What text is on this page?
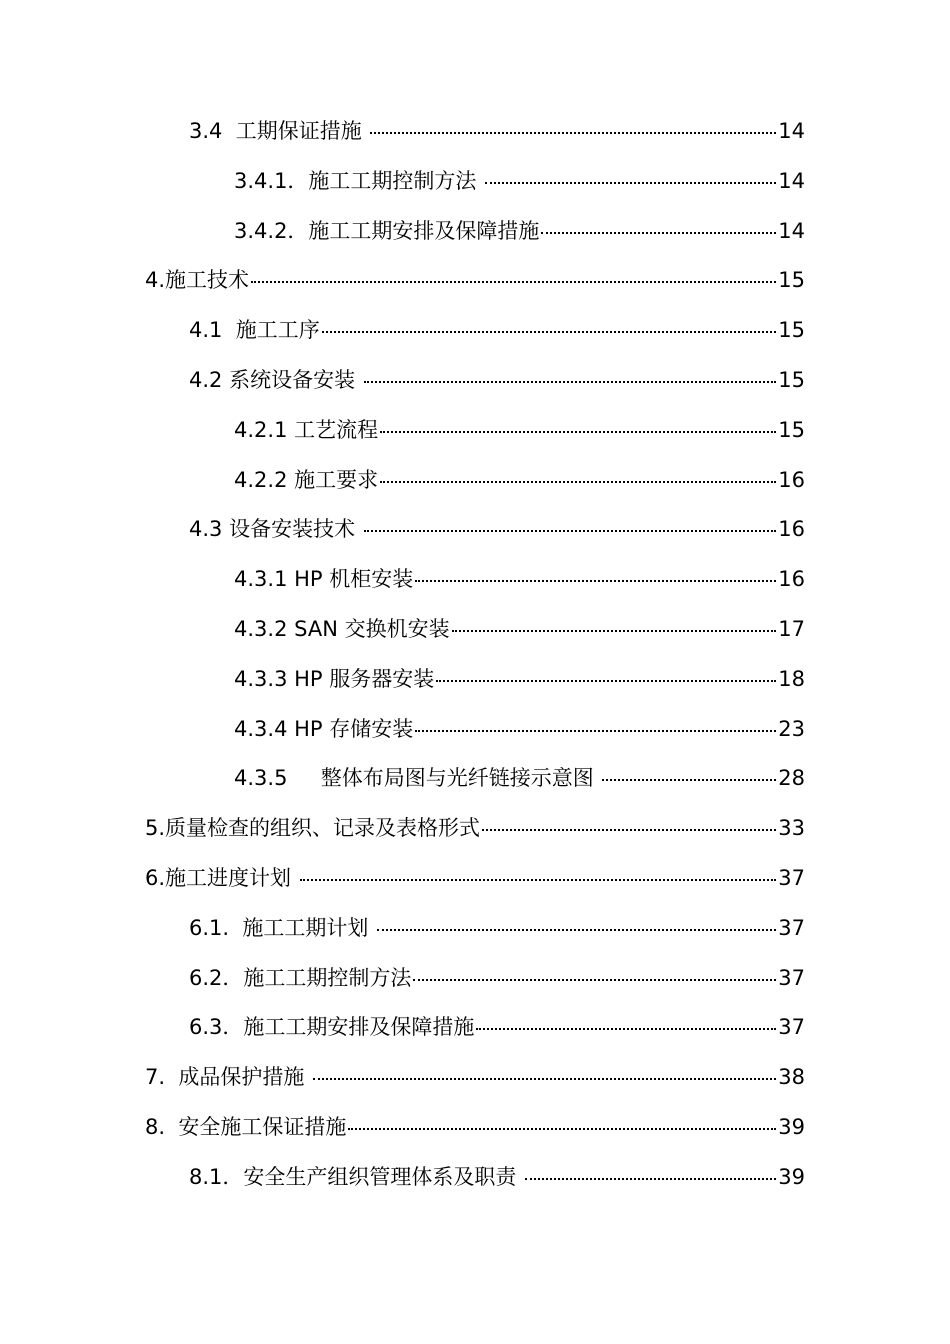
3.4  工期保证措施	14
3.4.1．施工工期控制方法	14
3.4.2．施工工期安排及保障措施	14
4.施工技术	15
4.1  施工工序	15
4.2 系统设备安装	15
4.2.1 工艺流程	15
4.2.2 施工要求	16
4.3 设备安装技术	16
4.3.1 HP 机柜安装	16
4.3.2 SAN 交换机安装	17
4.3.3 HP 服务器安装	18
4.3.4 HP 存储安装	23
4.3.5     整体布局图与光纤链接示意图	28
5.质量检查的组织、记录及表格形式	33
6.施工进度计划	37
6.1.  施工工期计划	37
6.2．施工工期控制方法	37
6.3．施工工期安排及保障措施	37
7.  成品保护措施	38
8.  安全施工保证措施	39
8.1．安全生产组织管理体系及职责	39
